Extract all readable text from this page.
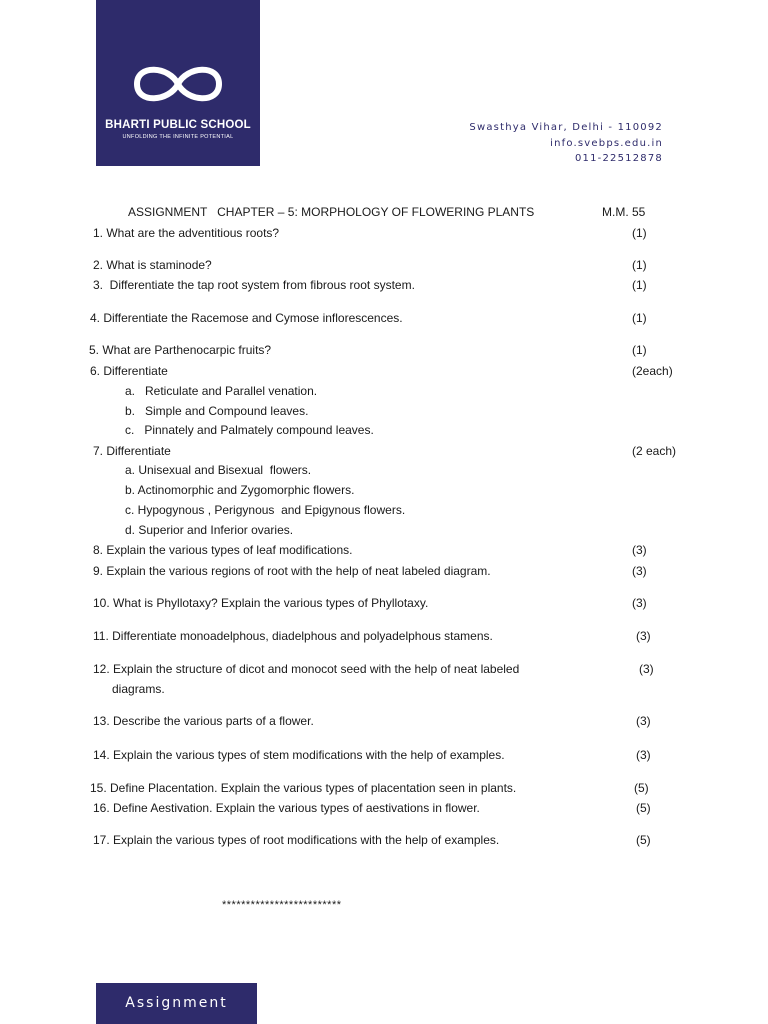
BHARTI PUBLIC SCHOOL
UNFOLDING THE INFINITE POTENTIAL
Swasthya Vihar, Delhi - 110092
info.svebps.edu.in
011-22512878
ASSIGNMENT   CHAPTER – 5: MORPHOLOGY OF FLOWERING PLANTS	M.M. 55
1. What are the adventitious roots?	(1)
2. What is staminode?	(1)
3.  Differentiate the tap root system from fibrous root system.	(1)
4. Differentiate the Racemose and Cymose inflorescences.	(1)
5. What are Parthenocarpic fruits?	(1)
6. Differentiate	(2each)
a.   Reticulate and Parallel venation.
b.   Simple and Compound leaves.
c.   Pinnately and Palmately compound leaves.
7. Differentiate	(2 each)
a. Unisexual and Bisexual  flowers.
b. Actinomorphic and Zygomorphic flowers.
c. Hypogynous , Perigynous  and Epigynous flowers.
d. Superior and Inferior ovaries.
8. Explain the various types of leaf modifications.	(3)
9. Explain the various regions of root with the help of neat labeled diagram.	(3)
10. What is Phyllotaxy? Explain the various types of Phyllotaxy.	(3)
11. Differentiate monoadelphous, diadelphous and polyadelphous stamens.	(3)
12. Explain the structure of dicot and monocot seed with the help of neat labeled	(3)
diagrams.
13. Describe the various parts of a flower.	(3)
14. Explain the various types of stem modifications with the help of examples.	(3)
15. Define Placentation. Explain the various types of placentation seen in plants.	(5)
16. Define Aestivation. Explain the various types of aestivations in flower.	(5)
17. Explain the various types of root modifications with the help of examples.	(5)
*************************
Assignment
